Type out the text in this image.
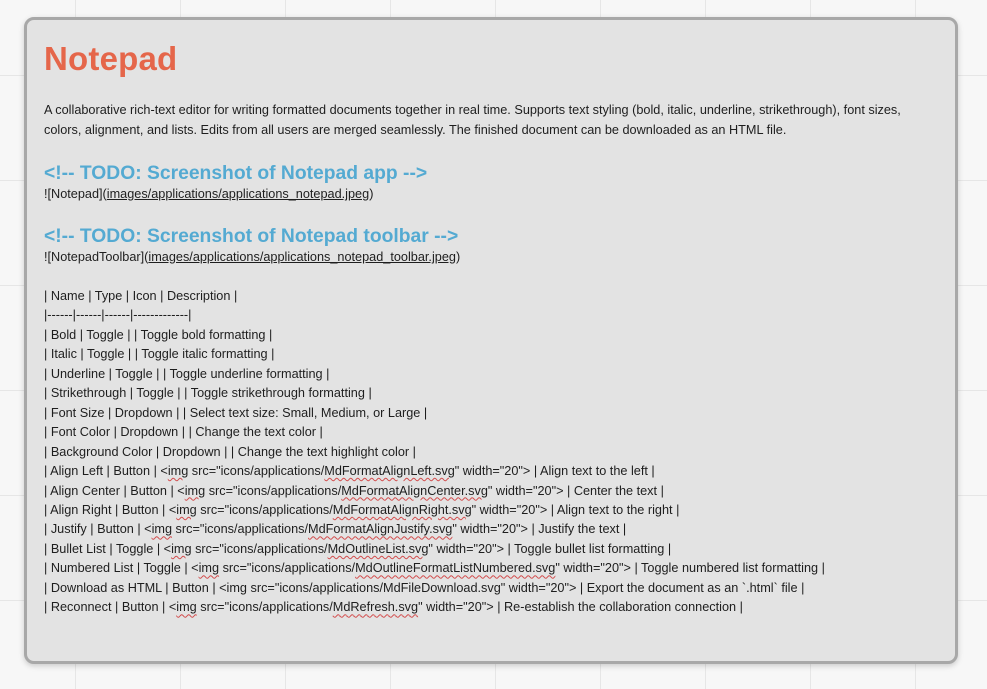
Notepad
A collaborative rich-text editor for writing formatted documents together in real time. Supports text styling (bold, italic, underline, strikethrough), font sizes, colors, alignment, and lists. Edits from all users are merged seamlessly. The finished document can be downloaded as an HTML file.
<!-- TODO: Screenshot of Notepad app -->
![Notepad](images/applications/applications_notepad.jpeg)
<!-- TODO: Screenshot of Notepad toolbar -->
![NotepadToolbar](images/applications/applications_notepad_toolbar.jpeg)
| Name | Type | Icon | Description |
|------|------|------|-------------|
| Bold | Toggle | | Toggle bold formatting |
| Italic | Toggle | | Toggle italic formatting |
| Underline | Toggle | | Toggle underline formatting |
| Strikethrough | Toggle | | Toggle strikethrough formatting |
| Font Size | Dropdown | | Select text size: Small, Medium, or Large |
| Font Color | Dropdown | | Change the text color |
| Background Color | Dropdown | | Change the text highlight color |
| Align Left | Button | <img src="icons/applications/MdFormatAlignLeft.svg" width="20"> | Align text to the left |
| Align Center | Button | <img src="icons/applications/MdFormatAlignCenter.svg" width="20"> | Center the text |
| Align Right | Button | <img src="icons/applications/MdFormatAlignRight.svg" width="20"> | Align text to the right |
| Justify | Button | <img src="icons/applications/MdFormatAlignJustify.svg" width="20"> | Justify the text |
| Bullet List | Toggle | <img src="icons/applications/MdOutlineList.svg" width="20"> | Toggle bullet list formatting |
| Numbered List | Toggle | <img src="icons/applications/MdOutlineFormatListNumbered.svg" width="20"> | Toggle numbered list formatting |
| Download as HTML | Button | <img src="icons/applications/MdFileDownload.svg" width="20"> | Export the document as an `.html` file |
| Reconnect | Button | <img src="icons/applications/MdRefresh.svg" width="20"> | Re-establish the collaboration connection |
